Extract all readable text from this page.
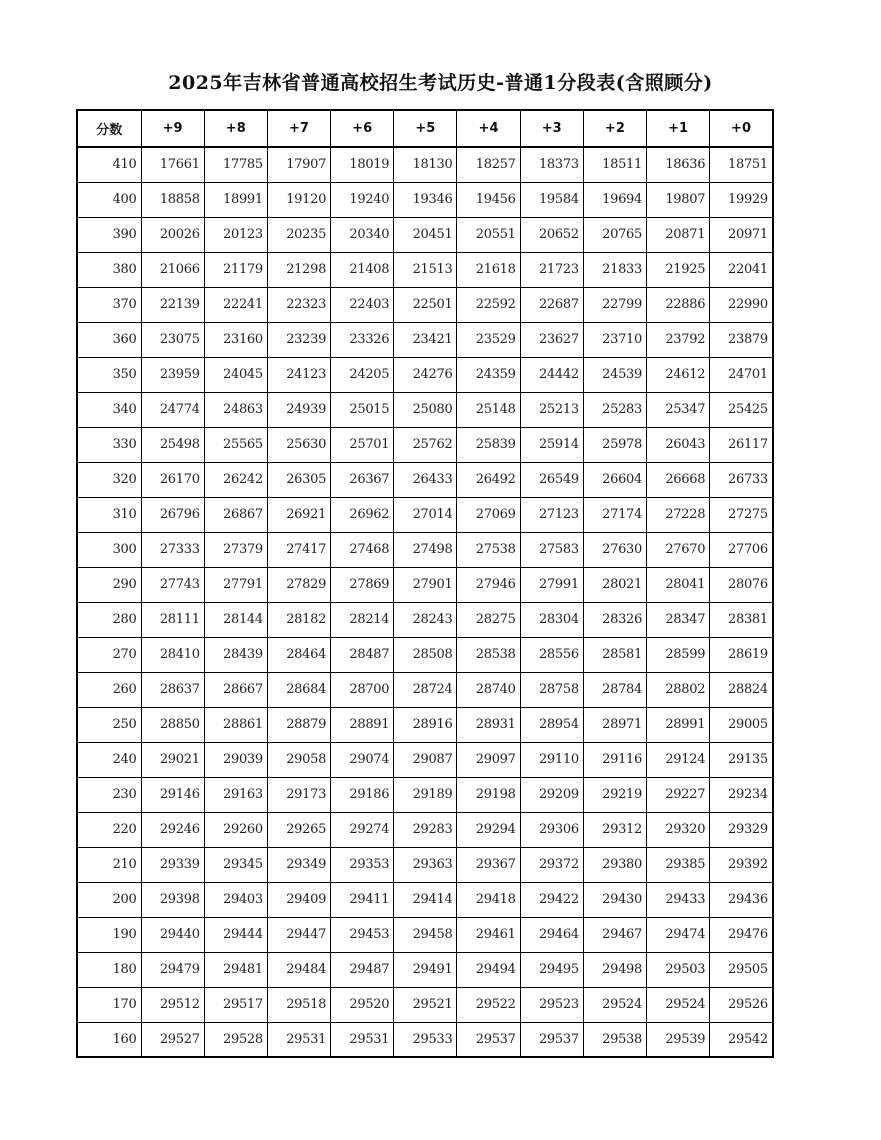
2025年吉林省普通高校招生考试历史-普通1分段表(含照顾分)
分数	+9	+8	+7	+6	+5	+4	+3	+2	+1	+0
410	17661	17785	17907	18019	18130	18257	18373	18511	18636	18751
400	18858	18991	19120	19240	19346	19456	19584	19694	19807	19929
390	20026	20123	20235	20340	20451	20551	20652	20765	20871	20971
380	21066	21179	21298	21408	21513	21618	21723	21833	21925	22041
370	22139	22241	22323	22403	22501	22592	22687	22799	22886	22990
360	23075	23160	23239	23326	23421	23529	23627	23710	23792	23879
350	23959	24045	24123	24205	24276	24359	24442	24539	24612	24701
340	24774	24863	24939	25015	25080	25148	25213	25283	25347	25425
330	25498	25565	25630	25701	25762	25839	25914	25978	26043	26117
320	26170	26242	26305	26367	26433	26492	26549	26604	26668	26733
310	26796	26867	26921	26962	27014	27069	27123	27174	27228	27275
300	27333	27379	27417	27468	27498	27538	27583	27630	27670	27706
290	27743	27791	27829	27869	27901	27946	27991	28021	28041	28076
280	28111	28144	28182	28214	28243	28275	28304	28326	28347	28381
270	28410	28439	28464	28487	28508	28538	28556	28581	28599	28619
260	28637	28667	28684	28700	28724	28740	28758	28784	28802	28824
250	28850	28861	28879	28891	28916	28931	28954	28971	28991	29005
240	29021	29039	29058	29074	29087	29097	29110	29116	29124	29135
230	29146	29163	29173	29186	29189	29198	29209	29219	29227	29234
220	29246	29260	29265	29274	29283	29294	29306	29312	29320	29329
210	29339	29345	29349	29353	29363	29367	29372	29380	29385	29392
200	29398	29403	29409	29411	29414	29418	29422	29430	29433	29436
190	29440	29444	29447	29453	29458	29461	29464	29467	29474	29476
180	29479	29481	29484	29487	29491	29494	29495	29498	29503	29505
170	29512	29517	29518	29520	29521	29522	29523	29524	29524	29526
160	29527	29528	29531	29531	29533	29537	29537	29538	29539	29542
